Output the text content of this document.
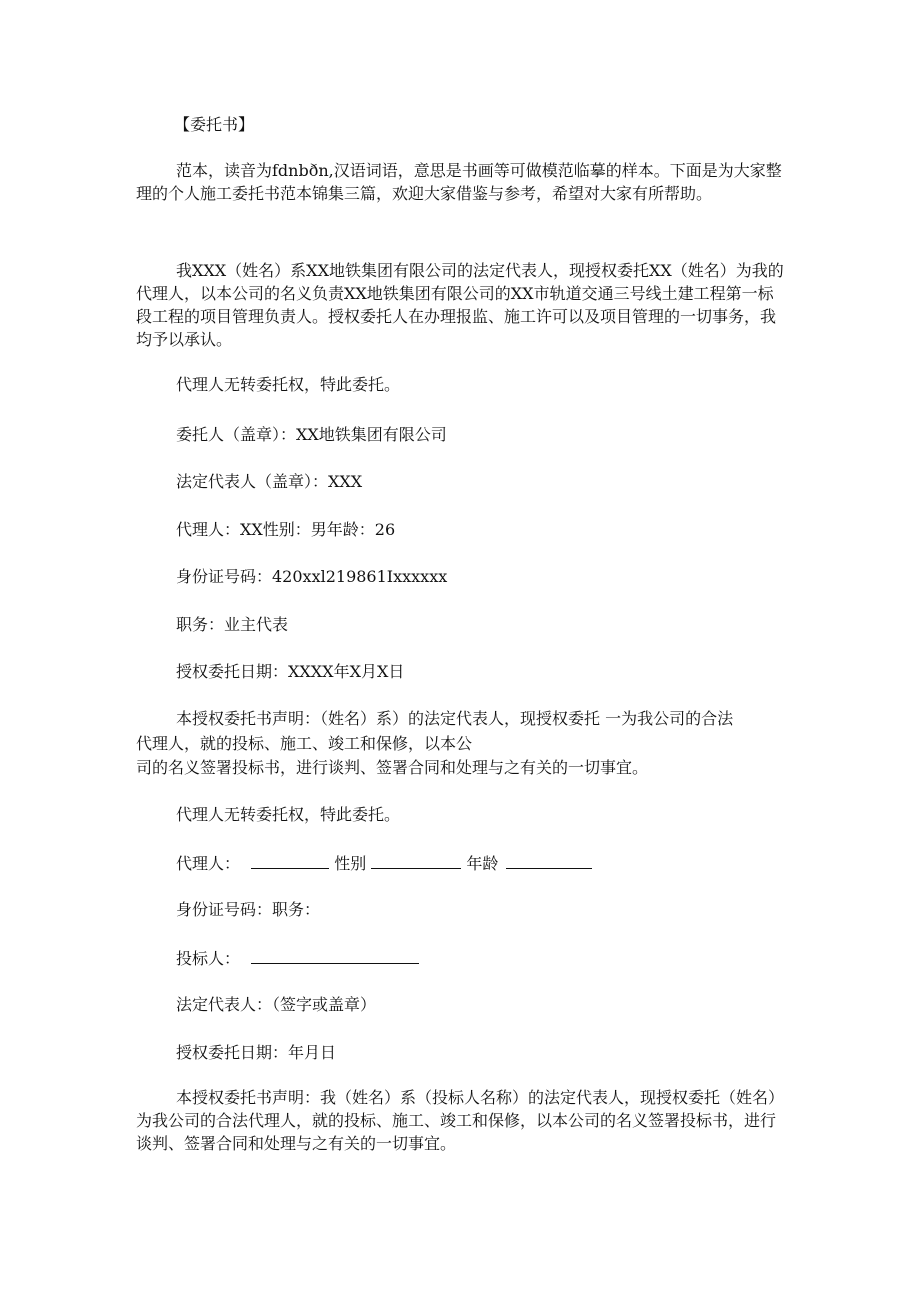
【委托书】
范本，读音为fdnbðn,汉语词语，意思是书画等可做模范临摹的样本。下面是为大家整理的个人施工委托书范本锦集三篇，欢迎大家借鉴与参考，希望对大家有所帮助。
我XXX（姓名）系XX地铁集团有限公司的法定代表人，现授权委托XX（姓名）为我的代理人，以本公司的名义负责XX地铁集团有限公司的XX市轨道交通三号线土建工程第一标段工程的项目管理负责人。授权委托人在办理报监、施工许可以及项目管理的一切事务，我均予以承认。
代理人无转委托权，特此委托。
委托人（盖章）：XX地铁集团有限公司
法定代表人（盖章）：XXX
代理人：XX性别：男年龄：26
身份证号码：420xxl219861Ixxxxxx
职务：业主代表
授权委托日期：XXXX年X月X日
本授权委托书声明：（姓名）系）的法定代表人，现授权委托 一为我公司的合法
代理人，就的投标、施工、竣工和保修，以本公
司的名义签署投标书，进行谈判、签署合同和处理与之有关的一切事宜。
代理人无转委托权，特此委托。
代理人：	性别	年龄
身份证号码：职务：
投标人：
法定代表人：（签字或盖章）
授权委托日期：年月日
本授权委托书声明：我（姓名）系（投标人名称）的法定代表人，现授权委托（姓名）为我公司的合法代理人，就的投标、施工、竣工和保修，以本公司的名义签署投标书，进行谈判、签署合同和处理与之有关的一切事宜。
